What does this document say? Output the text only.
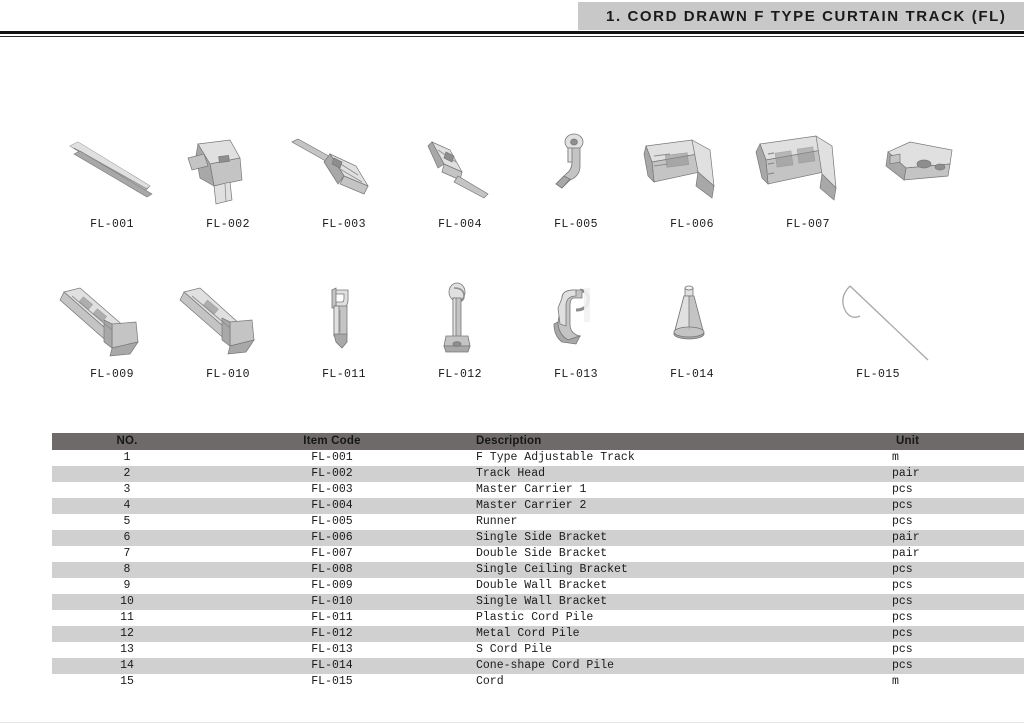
1. CORD DRAWN F TYPE CURTAIN TRACK (FL)
FL-001	FL-002	FL-003	FL-004	FL-005	FL-006	FL-007
FL-009	FL-010	FL-011	FL-012	FL-013	FL-014	FL-015
NO.	Item Code	Description	Unit
1	FL-001	F Type Adjustable Track	m
2	FL-002	Track Head	pair
3	FL-003	Master Carrier 1	pcs
4	FL-004	Master Carrier 2	pcs
5	FL-005	Runner	pcs
6	FL-006	Single Side Bracket	pair
7	FL-007	Double Side Bracket	pair
8	FL-008	Single Ceiling Bracket	pcs
9	FL-009	Double Wall Bracket	pcs
10	FL-010	Single Wall Bracket	pcs
11	FL-011	Plastic Cord Pile	pcs
12	FL-012	Metal Cord Pile	pcs
13	FL-013	S Cord Pile	pcs
14	FL-014	Cone-shape Cord Pile	pcs
15	FL-015	Cord	m
